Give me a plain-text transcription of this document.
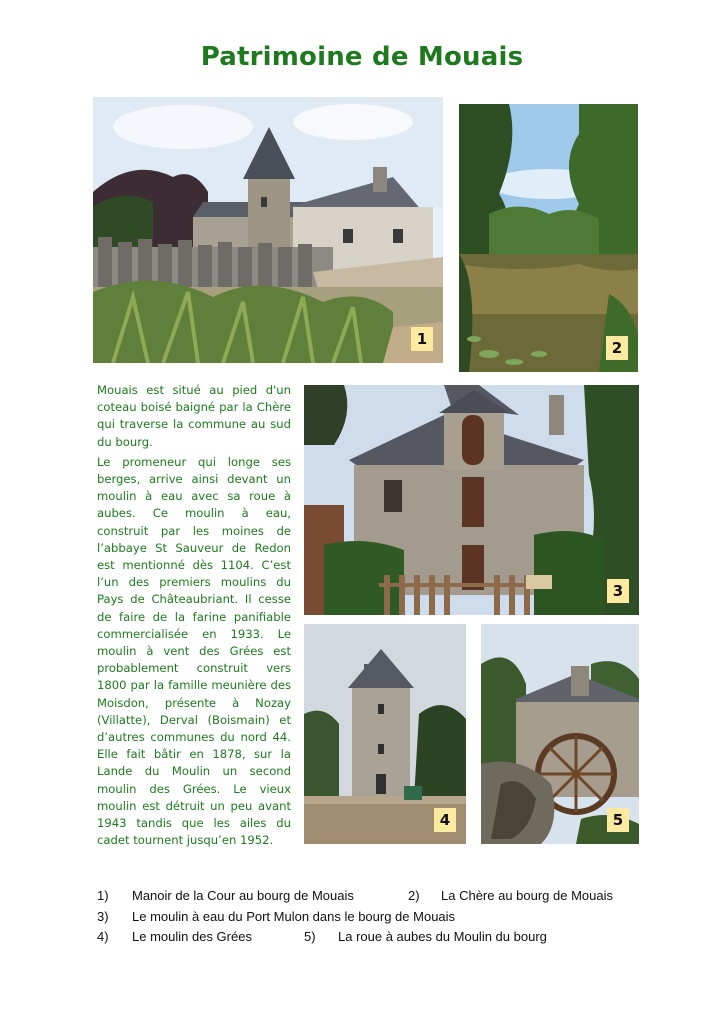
Patrimoine de Mouais
1	2

Mouais est situé au pied d'un coteau boisé baigné par la Chère qui traverse la commune au sud du bourg.

Le promeneur qui longe ses berges, arrive ainsi devant un moulin à eau avec sa roue à aubes. Ce moulin à eau, construit par les moines de l’abbaye St Sauveur de Redon est mentionné dès 1104. C’est l’un des premiers moulins du Pays de Châteaubriant. Il cesse de faire de la farine panifiable commercialisée en 1933. Le moulin à vent des Grées est probablement construit vers 1800 par la famille meunière des Moisdon, présente à Nozay (Villatte), Derval (Boismain) et d’autres communes du nord 44. Elle fait bâtir en 1878, sur la Lande du Moulin un second moulin des Grées. Le vieux moulin est détruit un peu avant 1943 tandis que les ailes du cadet tournent jusqu’en 1952.

3
4	5
1) Manoir de la Cour au bourg de Mouais	2) La Chère au bourg de Mouais
3) Le moulin à eau du Port Mulon dans le bourg de Mouais
4) Le moulin des Grées	5) La roue à aubes du Moulin du bourg
